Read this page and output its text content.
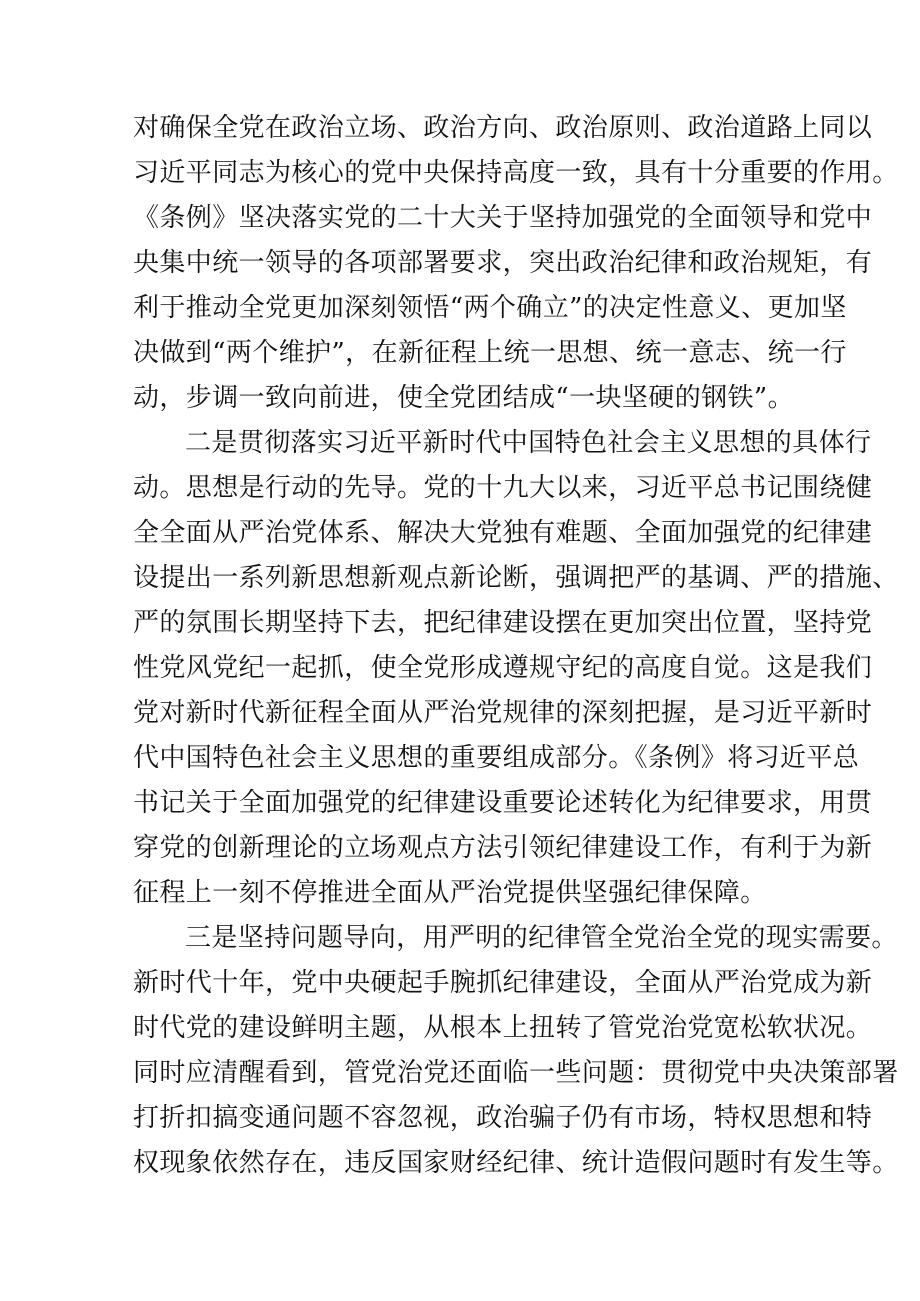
对确保全党在政治立场、政治方向、政治原则、政治道路上同以
习近平同志为核心的党中央保持高度一致，具有十分重要的作用。
《条例》坚决落实党的二十大关于坚持加强党的全面领导和党中
央集中统一领导的各项部署要求，突出政治纪律和政治规矩，有
利于推动全党更加深刻领悟“两个确立”的决定性意义、更加坚
决做到“两个维护”，在新征程上统一思想、统一意志、统一行
动，步调一致向前进，使全党团结成“一块坚硬的钢铁”。
二是贯彻落实习近平新时代中国特色社会主义思想的具体行
动。思想是行动的先导。党的十九大以来，习近平总书记围绕健
全全面从严治党体系、解决大党独有难题、全面加强党的纪律建
设提出一系列新思想新观点新论断，强调把严的基调、严的措施、
严的氛围长期坚持下去，把纪律建设摆在更加突出位置，坚持党
性党风党纪一起抓，使全党形成遵规守纪的高度自觉。这是我们
党对新时代新征程全面从严治党规律的深刻把握，是习近平新时
代中国特色社会主义思想的重要组成部分。《条例》将习近平总
书记关于全面加强党的纪律建设重要论述转化为纪律要求，用贯
穿党的创新理论的立场观点方法引领纪律建设工作，有利于为新
征程上一刻不停推进全面从严治党提供坚强纪律保障。
三是坚持问题导向，用严明的纪律管全党治全党的现实需要。
新时代十年，党中央硬起手腕抓纪律建设，全面从严治党成为新
时代党的建设鲜明主题，从根本上扭转了管党治党宽松软状况。
同时应清醒看到，管党治党还面临一些问题：贯彻党中央决策部署
打折扣搞变通问题不容忽视，政治骗子仍有市场，特权思想和特
权现象依然存在，违反国家财经纪律、统计造假问题时有发生等。
